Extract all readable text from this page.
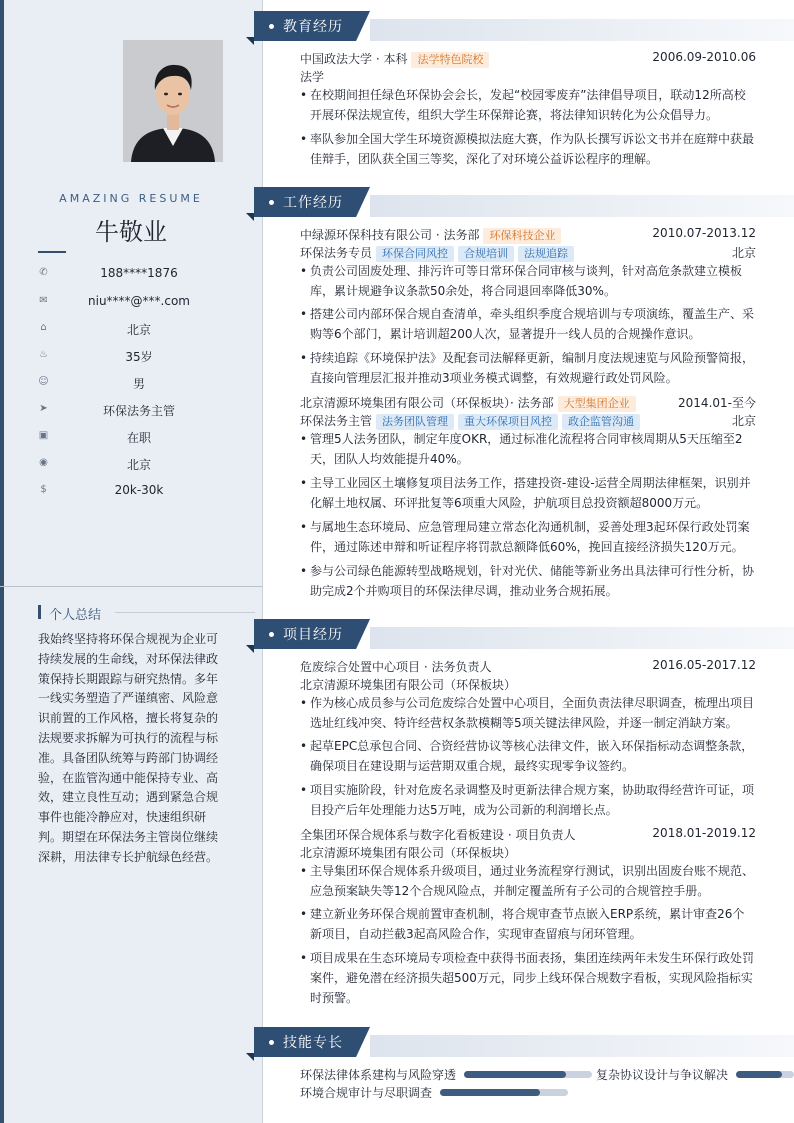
AMAZING RESUME
牛敬业
✆	188****1876
✉	niu****@***.com
⌂	北京
♨	35岁
☺	男
➤	环保法务主管
▣	在职
◉	北京
$	20k-30k
个人总结
我始终坚持将环保合规视为企业可持续发展的生命线，对环保法律政策保持长期跟踪与研究热情。多年一线实务塑造了严谨缜密、风险意识前置的工作风格，擅长将复杂的法规要求拆解为可执行的流程与标准。具备团队统筹与跨部门协调经验，在监管沟通中能保持专业、高效，建立良性互动；遇到紧急合规事件也能冷静应对，快速组织研判。期望在环保法务主管岗位继续深耕，用法律专长护航绿色经营。
教育经历
中国政法大学 · 本科 法学特色院校	2006.09-2010.06
法学
• 在校期间担任绿色环保协会会长，发起“校园零废弃”法律倡导项目，联动12所高校开展环保法规宣传，组织大学生环保辩论赛，将法律知识转化为公众倡导力。
• 率队参加全国大学生环境资源模拟法庭大赛，作为队长撰写诉讼文书并在庭辩中获最佳辩手，团队获全国三等奖，深化了对环境公益诉讼程序的理解。
工作经历
中绿源环保科技有限公司 · 法务部 环保科技企业	2010.07-2013.12
环保法务专员 环保合同风控 合规培训 法规追踪	北京
• 负责公司固废处理、排污许可等日常环保合同审核与谈判，针对高危条款建立模板库，累计规避争议条款50余处，将合同退回率降低30%。
• 搭建公司内部环保合规自查清单，牵头组织季度合规培训与专项演练，覆盖生产、采购等6个部门，累计培训超200人次，显著提升一线人员的合规操作意识。
• 持续追踪《环境保护法》及配套司法解释更新，编制月度法规速览与风险预警简报，直接向管理层汇报并推动3项业务模式调整，有效规避行政处罚风险。
北京清源环境集团有限公司（环保板块）· 法务部 大型集团企业	2014.01-至今
环保法务主管 法务团队管理 重大环保项目风控 政企监管沟通	北京
• 管理5人法务团队，制定年度OKR，通过标准化流程将合同审核周期从5天压缩至2天，团队人均效能提升40%。
• 主导工业园区土壤修复项目法务工作，搭建投资-建设-运营全周期法律框架，识别并化解土地权属、环评批复等6项重大风险，护航项目总投资额超8000万元。
• 与属地生态环境局、应急管理局建立常态化沟通机制，妥善处理3起环保行政处罚案件，通过陈述申辩和听证程序将罚款总额降低60%，挽回直接经济损失120万元。
• 参与公司绿色能源转型战略规划，针对光伏、储能等新业务出具法律可行性分析，协助完成2个并购项目的环保法律尽调，推动业务合规拓展。
项目经历
危废综合处置中心项目 · 法务负责人	2016.05-2017.12
北京清源环境集团有限公司（环保板块）
• 作为核心成员参与公司危废综合处置中心项目，全面负责法律尽职调查，梳理出项目选址红线冲突、特许经营权条款模糊等5项关键法律风险，并逐一制定消缺方案。
• 起草EPC总承包合同、合资经营协议等核心法律文件，嵌入环保指标动态调整条款，确保项目在建设期与运营期双重合规，最终实现零争议签约。
• 项目实施阶段，针对危废名录调整及时更新法律合规方案，协助取得经营许可证，项目投产后年处理能力达5万吨，成为公司新的利润增长点。
全集团环保合规体系与数字化看板建设 · 项目负责人	2018.01-2019.12
北京清源环境集团有限公司（环保板块）
• 主导集团环保合规体系升级项目，通过业务流程穿行测试，识别出固废台账不规范、应急预案缺失等12个合规风险点，并制定覆盖所有子公司的合规管控手册。
• 建立新业务环保合规前置审查机制，将合规审查节点嵌入ERP系统，累计审查26个新项目，自动拦截3起高风险合作，实现审查留痕与闭环管理。
• 项目成果在生态环境局专项检查中获得书面表扬，集团连续两年未发生环保行政处罚案件，避免潜在经济损失超500万元，同步上线环保合规数字看板，实现风险指标实时预警。
技能专长
环保法律体系建构与风险穿透	复杂协议设计与争议解决
环境合规审计与尽职调查
